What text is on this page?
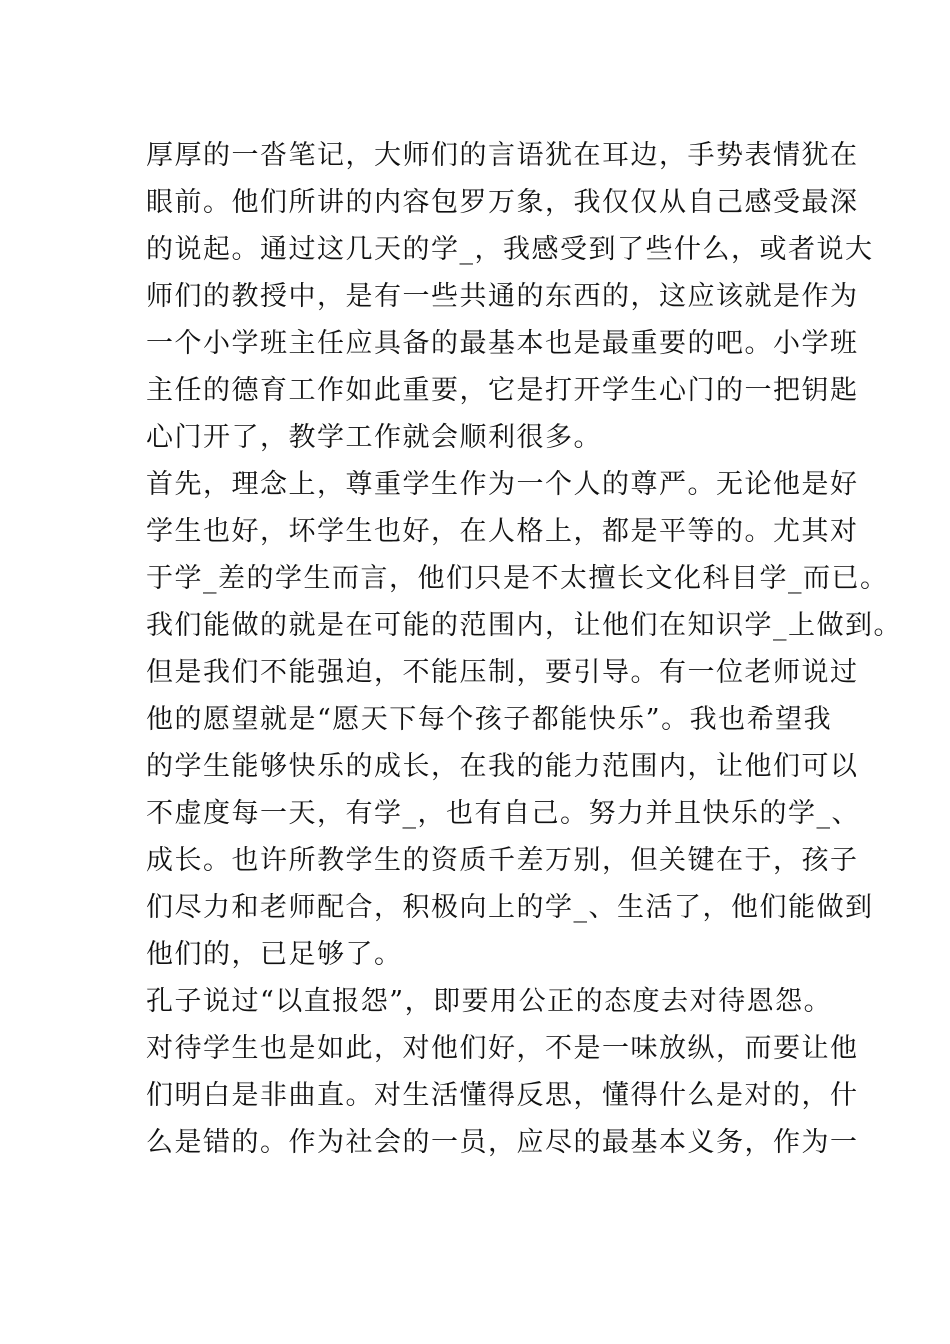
厚厚的一沓笔记，大师们的言语犹在耳边，手势表情犹在
眼前。他们所讲的内容包罗万象，我仅仅从自己感受最深
的说起。通过这几天的学_，我感受到了些什么，或者说大
师们的教授中，是有一些共通的东西的，这应该就是作为
一个小学班主任应具备的最基本也是最重要的吧。小学班
主任的德育工作如此重要，它是打开学生心门的一把钥匙
心门开了，教学工作就会顺利很多。
首先，理念上，尊重学生作为一个人的尊严。无论他是好
学生也好，坏学生也好，在人格上，都是平等的。尤其对
于学_差的学生而言，他们只是不太擅长文化科目学_而已。
我们能做的就是在可能的范围内，让他们在知识学_上做到。
但是我们不能强迫，不能压制，要引导。有一位老师说过
他的愿望就是“愿天下每个孩子都能快乐”。我也希望我
的学生能够快乐的成长，在我的能力范围内，让他们可以
不虚度每一天，有学_，也有自己。努力并且快乐的学_、
成长。也许所教学生的资质千差万别，但关键在于，孩子
们尽力和老师配合，积极向上的学_、生活了，他们能做到
他们的，已足够了。
孔子说过“以直报怨”，即要用公正的态度去对待恩怨。
对待学生也是如此，对他们好，不是一味放纵，而要让他
们明白是非曲直。对生活懂得反思，懂得什么是对的，什
么是错的。作为社会的一员，应尽的最基本义务，作为一
